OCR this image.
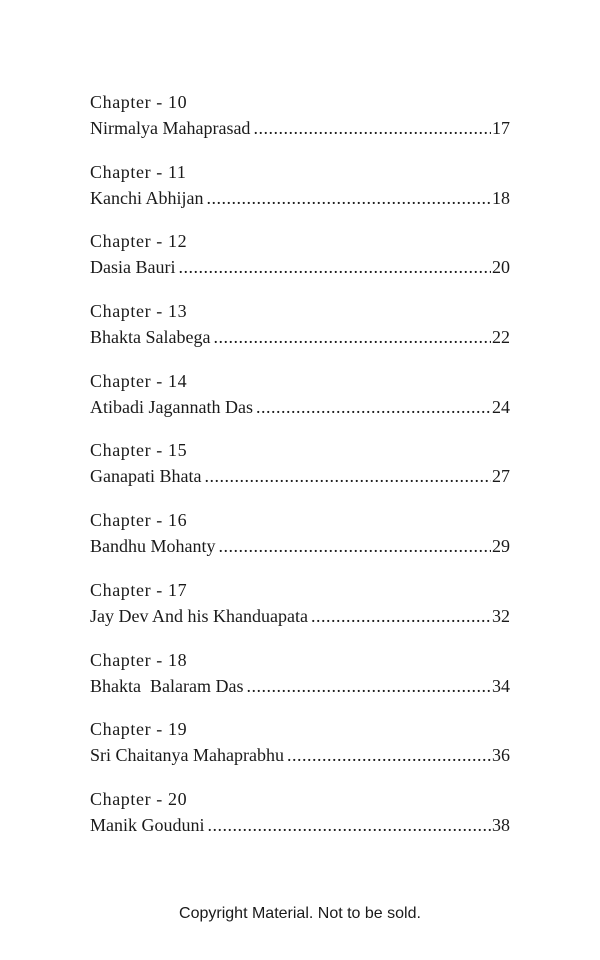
Chapter - 10
Nirmalya Mahaprasad .....	17
Chapter - 11
Kanchi Abhijan .....	18
Chapter - 12
Dasia Bauri .....	20
Chapter - 13
Bhakta Salabega .....	22
Chapter - 14
Atibadi Jagannath Das .....	24
Chapter - 15
Ganapati Bhata .....	27
Chapter - 16
Bandhu Mohanty .....	29
Chapter - 17
Jay Dev And his Khanduapata .....	32
Chapter - 18
Bhakta  Balaram Das .....	34
Chapter - 19
Sri Chaitanya Mahaprabhu .....	36
Chapter - 20
Manik Gouduni .....	38
Copyright Material. Not to be sold.
